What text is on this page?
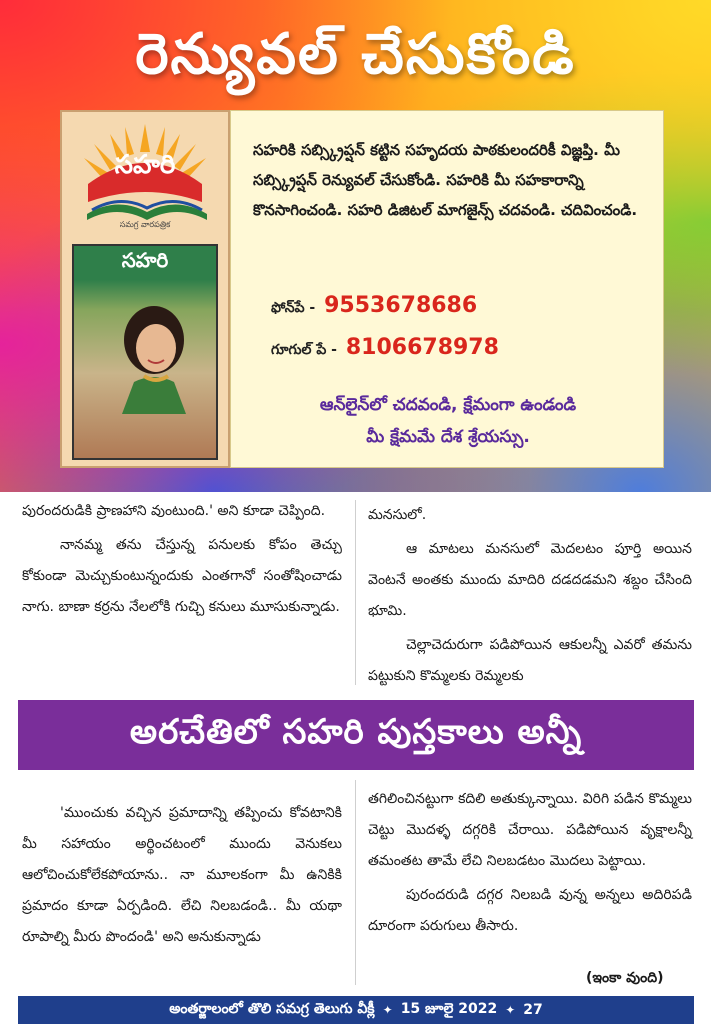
రెన్యువల్ చేసుకోండి
సహరి
సమగ్ర వారపత్రిక
సహరి
సహరికి సబ్స్క్రిప్షన్ కట్టిన సహృదయ పాఠకులందరికీ విజ్ఞప్తి. మీ సబ్స్క్రిప్షన్ రెన్యువల్ చేసుకోండి. సహరికి మీ సహకారాన్ని కొనసాగించండి. సహరి డిజిటల్ మాగజైన్స్ చదవండి. చదివించండి.
ఫోన్‌పే - 9553678686
గూగుల్ పే - 8106678978
ఆన్‌లైన్‌లో చదవండి, క్షేమంగా ఉండండి
మీ క్షేమమే దేశ శ్రేయస్సు.

పురందరుడికి ప్రాణహాని వుంటుంది.' అని కూడా చెప్పింది.

నానమ్మ తను చేస్తున్న పనులకు కోపం తెచ్చు కోకుండా మెచ్చుకుంటున్నందుకు ఎంతగానో సంతోషించాడు నాగు. బాణా కర్రను నేలలోకి గుచ్చి కనులు మూసుకున్నాడు.

మనసులో.

ఆ మాటలు మనసులో మెదలటం పూర్తి అయిన వెంటనే అంతకు ముందు మాదిరి దడదడమని శబ్దం చేసింది భూమి.

చెల్లాచెదురుగా పడిపోయిన ఆకులన్నీ ఎవరో తమను పట్టుకుని కొమ్మలకు రెమ్మలకు

అరచేతిలో సహరి పుస్తకాలు అన్నీ

'ముంచుకు వచ్చిన ప్రమాదాన్ని తప్పించు కోవటానికి మీ సహాయం అర్థించటంలో ముందు వెనుకలు ఆలోచించుకోలేకపోయాను.. నా మూలకంగా మీ ఉనికికి ప్రమాదం కూడా ఏర్పడింది. లేచి నిలబడండి.. మీ యథా రూపాల్ని మీరు పొందండి' అని అనుకున్నాడు

తగిలించినట్టుగా కదిలి అతుక్కున్నాయి. విరిగి పడిన కొమ్మలు చెట్టు మొదళ్ళ దగ్గరికి చేరాయి. పడిపోయిన వృక్షాలన్నీ తమంతట తామే లేచి నిలబడటం మొదలు పెట్టాయి.

పురందరుడి దగ్గర నిలబడి వున్న అన్నలు అదిరిపడి దూరంగా పరుగులు తీసారు.

(ఇంకా వుంది)
అంతర్జాలంలో తొలి సమగ్ర తెలుగు వీక్లీ ✦ 15 జూలై 2022 ✦ 27
